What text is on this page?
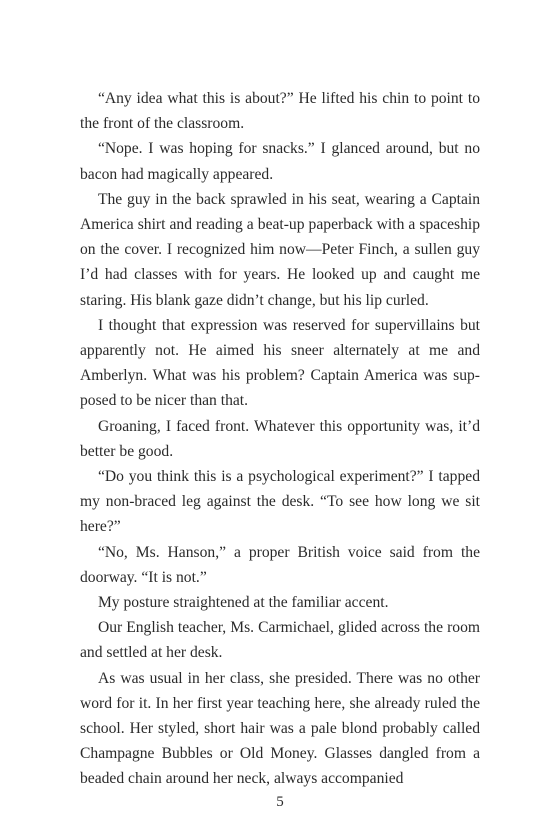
“Any idea what this is about?” He lifted his chin to point to the front of the classroom.

“Nope. I was hoping for snacks.” I glanced around, but no bacon had magically appeared.

The guy in the back sprawled in his seat, wearing a Captain America shirt and reading a beat-up paperback with a spaceship on the cover. I recognized him now—Peter Finch, a sullen guy I’d had classes with for years. He looked up and caught me staring. His blank gaze didn’t change, but his lip curled.

I thought that expression was reserved for supervillains but apparently not. He aimed his sneer alternately at me and Amberlyn. What was his problem? Captain America was supposed to be nicer than that.

Groaning, I faced front. Whatever this opportunity was, it’d better be good.

“Do you think this is a psychological experiment?” I tapped my non-braced leg against the desk. “To see how long we sit here?”

“No, Ms. Hanson,” a proper British voice said from the doorway. “It is not.”

My posture straightened at the familiar accent.

Our English teacher, Ms. Carmichael, glided across the room and settled at her desk.

As was usual in her class, she presided. There was no other word for it. In her first year teaching here, she already ruled the school. Her styled, short hair was a pale blond probably called Champagne Bubbles or Old Money. Glasses dangled from a beaded chain around her neck, always accompanied

5
